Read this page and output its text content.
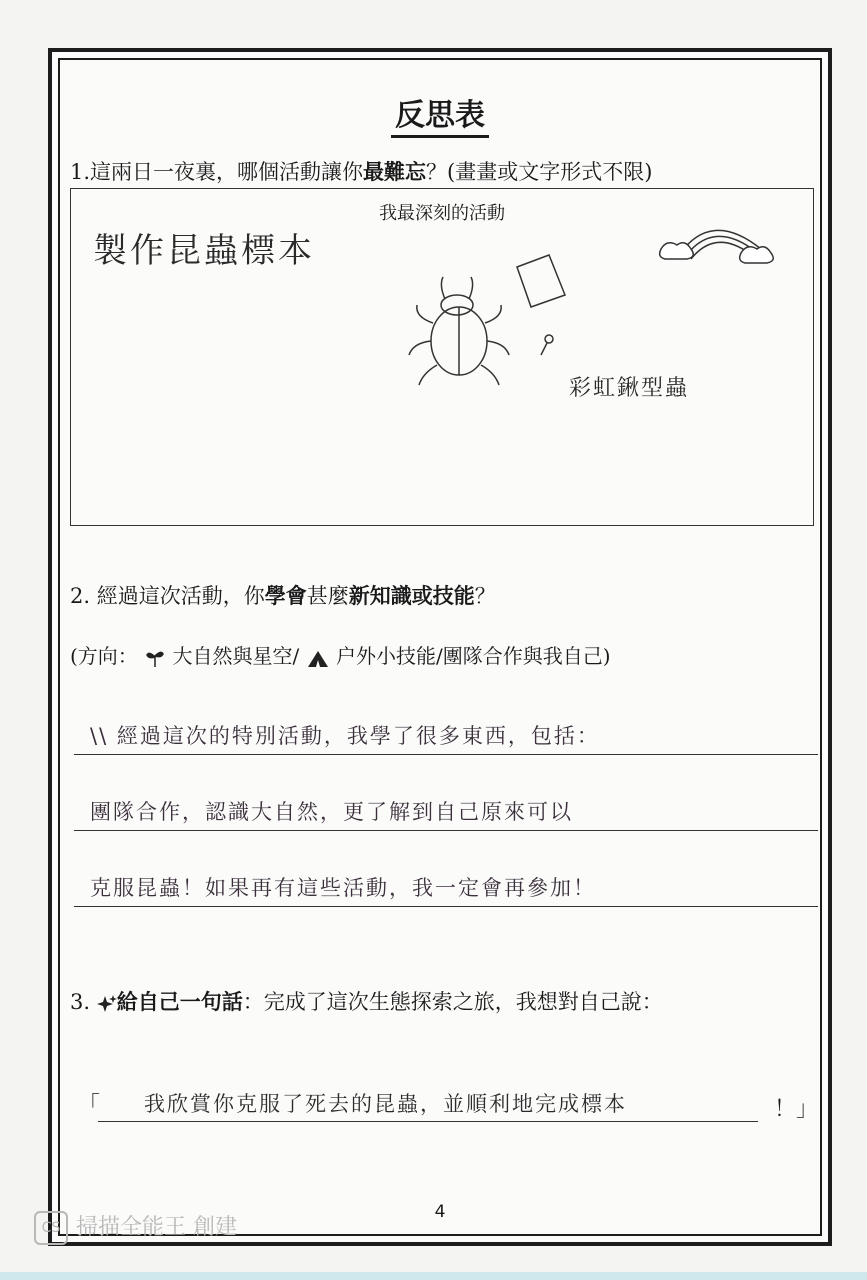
反思表
1.這兩日一夜裏，哪個活動讓你最難忘？(畫畫或文字形式不限)
我最深刻的活動
製作昆蟲標本
彩虹鍬型蟲
2. 經過這次活動，你學會甚麼新知識或技能？
(方向： 大自然與星空/ 户外小技能/團隊合作與我自己)
\\ 經過這次的特別活動，我學了很多東西，包括：
團隊合作，認識大自然，更了解到自己原來可以
克服昆蟲！如果再有這些活動，我一定會再參加！
3. 給自己一句話：完成了這次生態探索之旅，我想對自己說：
「 我欣賞你克服了死去的昆蟲，並順利地完成標本	！」
4
CS 掃描全能王 創建
